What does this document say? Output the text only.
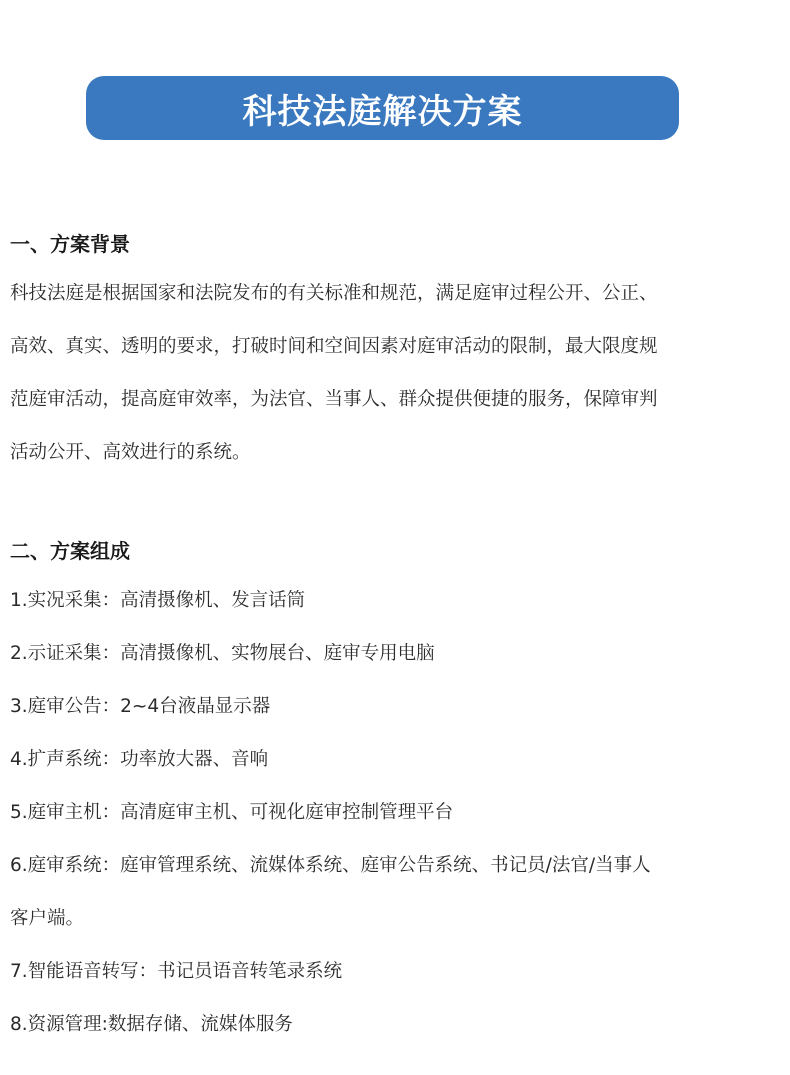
科技法庭解决方案
一、方案背景

科技法庭是根据国家和法院发布的有关标准和规范，满足庭审过程公开、公正、

高效、真实、透明的要求，打破时间和空间因素对庭审活动的限制，最大限度规

范庭审活动，提高庭审效率，为法官、当事人、群众提供便捷的服务，保障审判

活动公开、高效进行的系统。

二、方案组成

1.实况采集：高清摄像机、发言话筒

2.示证采集：高清摄像机、实物展台、庭审专用电脑

3.庭审公告：2~4台液晶显示器

4.扩声系统：功率放大器、音响

5.庭审主机：高清庭审主机、可视化庭审控制管理平台

6.庭审系统：庭审管理系统、流媒体系统、庭审公告系统、书记员/法官/当事人

客户端。

7.智能语音转写：书记员语音转笔录系统

8.资源管理:数据存储、流媒体服务
